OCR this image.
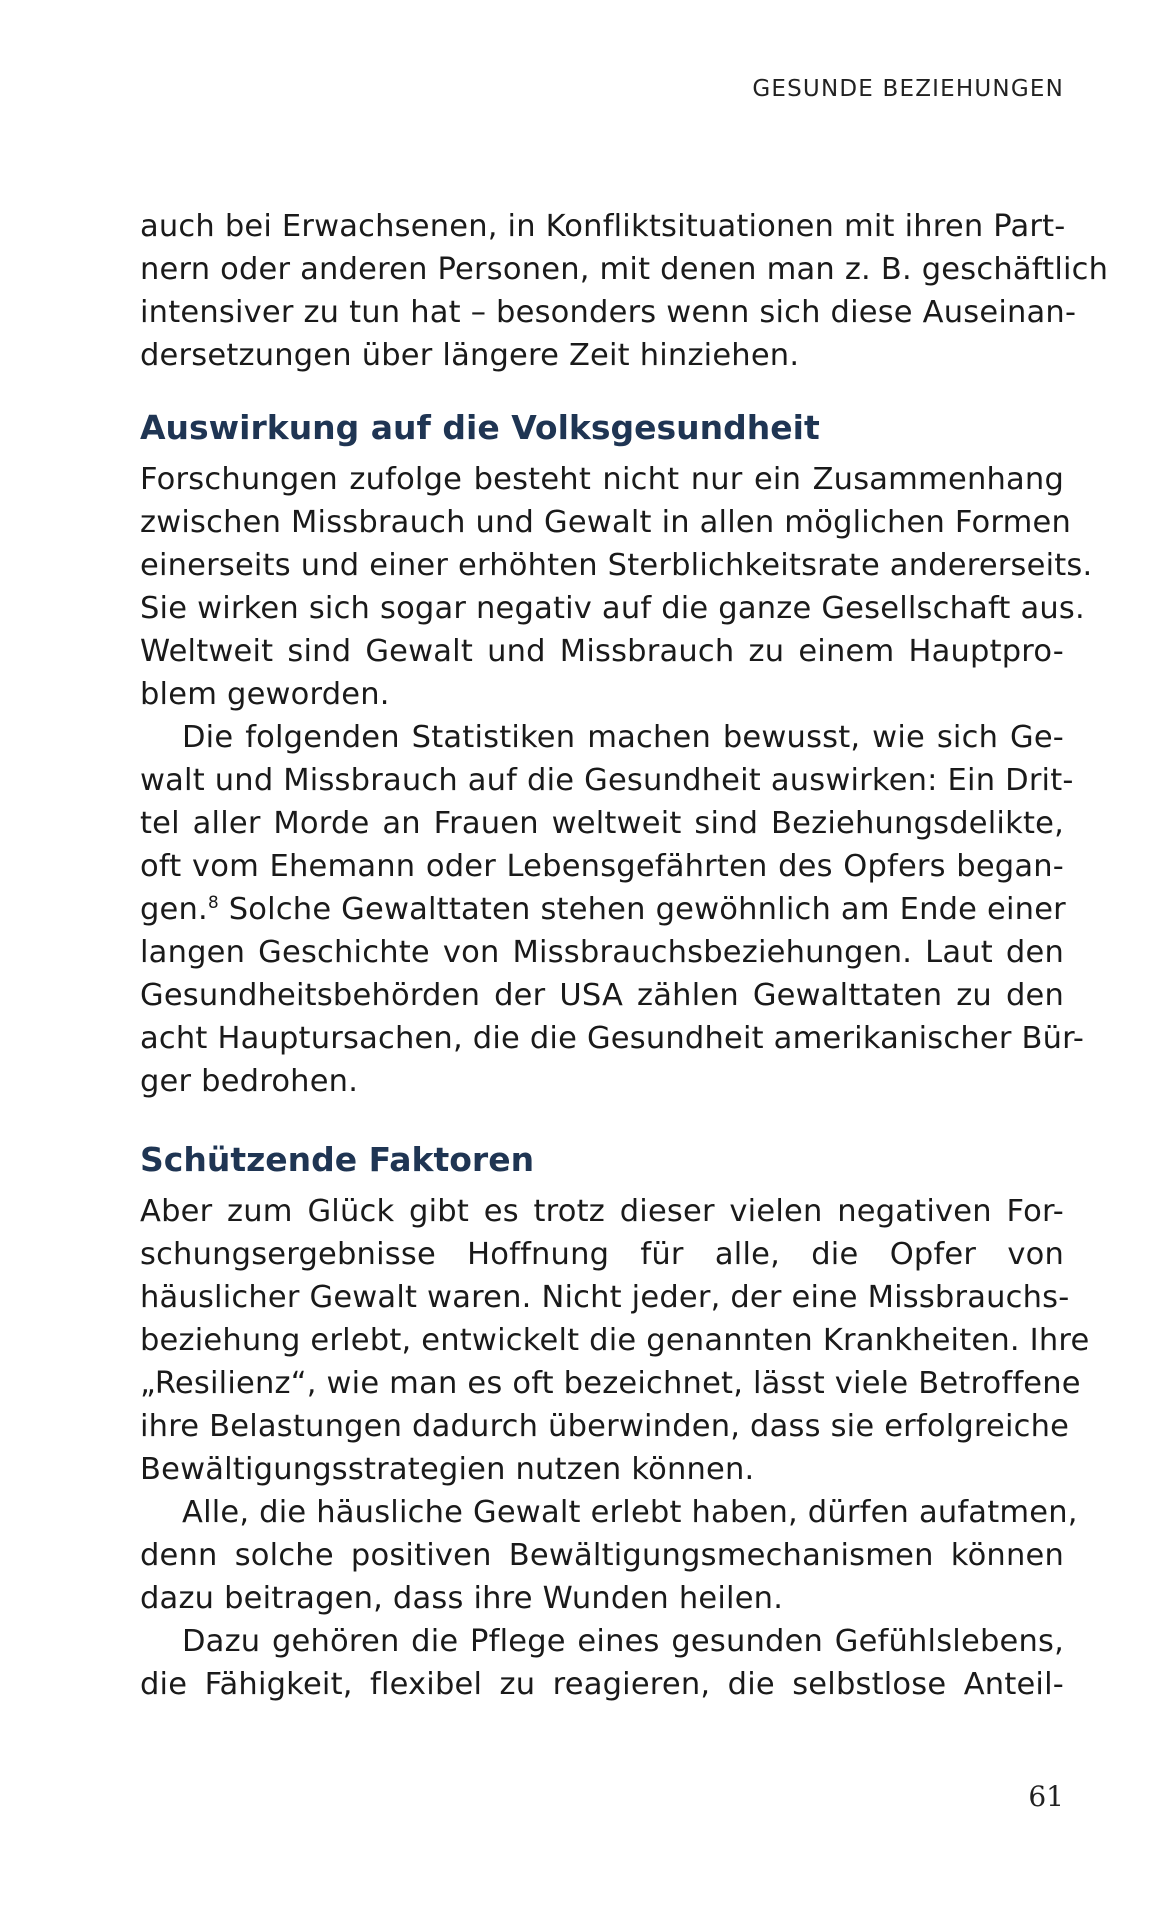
GESUNDE BEZIEHUNGEN
auch bei Erwachsenen, in Konfliktsituationen mit ihren Part-
nern oder anderen Personen, mit denen man z. B. geschäftlich
intensiver zu tun hat – besonders wenn sich diese Auseinan-
dersetzungen über längere Zeit hinziehen.
Auswirkung auf die Volksgesundheit
Forschungen zufolge besteht nicht nur ein Zusammenhang
zwischen Missbrauch und Gewalt in allen möglichen Formen
einerseits und einer erhöhten Sterblichkeitsrate andererseits.
Sie wirken sich sogar negativ auf die ganze Gesellschaft aus.
Weltweit sind Gewalt und Missbrauch zu einem Hauptpro-
blem geworden.
Die folgenden Statistiken machen bewusst, wie sich Ge-
walt und Missbrauch auf die Gesundheit auswirken: Ein Drit-
tel aller Morde an Frauen weltweit sind Beziehungsdelikte,
oft vom Ehemann oder Lebensgefährten des Opfers began-
gen.$^8$ Solche Gewalttaten stehen gewöhnlich am Ende einer
langen Geschichte von Missbrauchsbeziehungen. Laut den
Gesundheitsbehörden der USA zählen Gewalttaten zu den
acht Hauptursachen, die die Gesundheit amerikanischer Bür-
ger bedrohen.
Schützende Faktoren
Aber zum Glück gibt es trotz dieser vielen negativen For-
schungsergebnisse Hoffnung für alle, die Opfer von
häuslicher Gewalt waren. Nicht jeder, der eine Missbrauchs-
beziehung erlebt, entwickelt die genannten Krankheiten. Ihre
„Resilienz“, wie man es oft bezeichnet, lässt viele Betroffene
ihre Belastungen dadurch überwinden, dass sie erfolgreiche
Bewältigungsstrategien nutzen können.
Alle, die häusliche Gewalt erlebt haben, dürfen aufatmen,
denn solche positiven Bewältigungsmechanismen können
dazu beitragen, dass ihre Wunden heilen.
Dazu gehören die Pflege eines gesunden Gefühlslebens,
die Fähigkeit, flexibel zu reagieren, die selbstlose Anteil-
61
